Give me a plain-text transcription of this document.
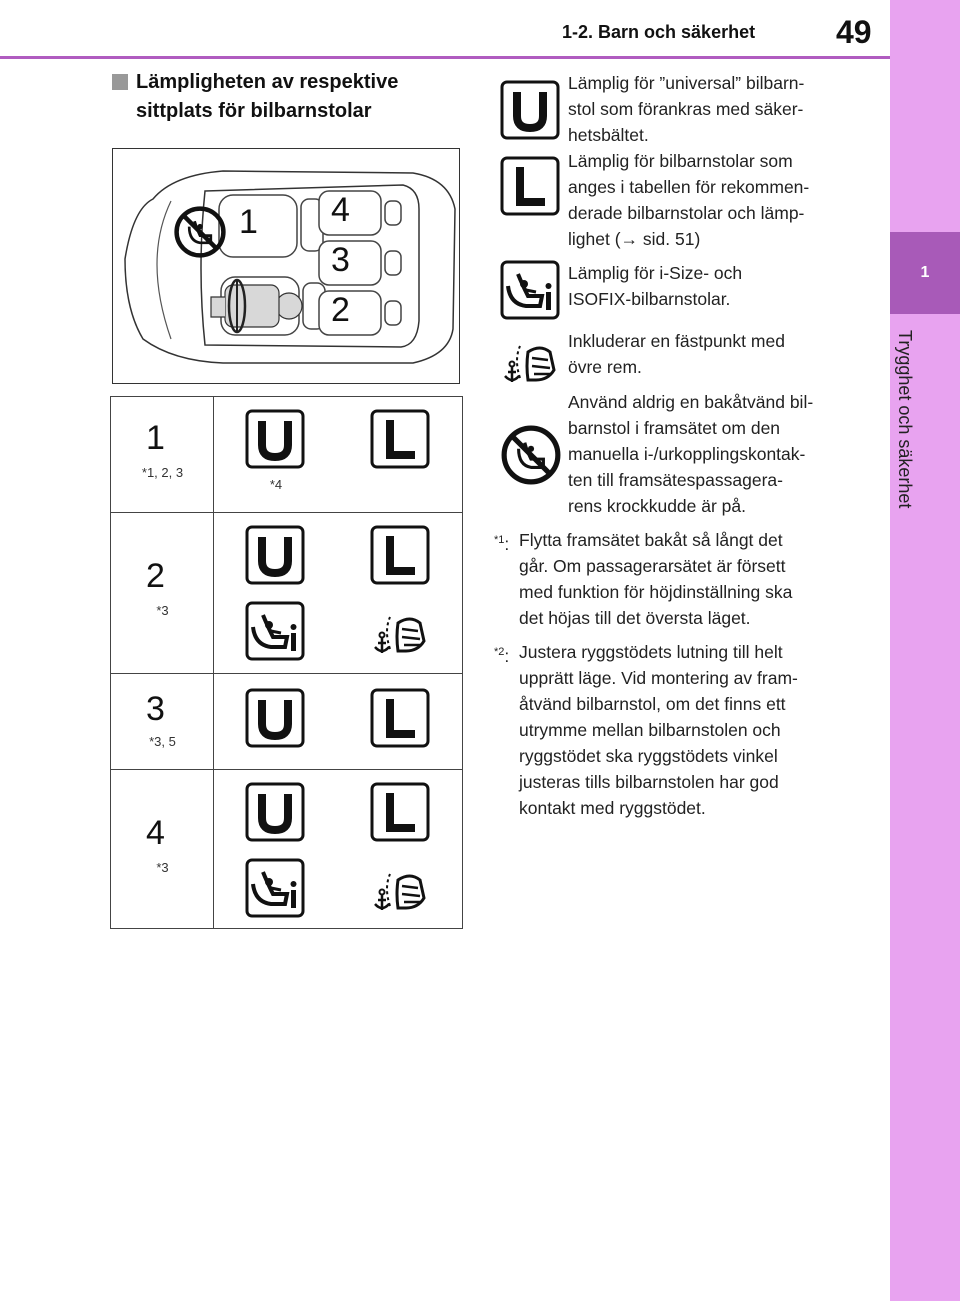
1-2. Barn och säkerhet	49
1
Trygghet och säkerhet
Lämpligheten av respektive
sittplats för bilbarnstolar
1 4
3
2
1
*1, 2, 3
*4
2
*3
3
*3, 5
4
*3
Lämplig för ”universal” bilbarn-
stol som förankras med säker-
hetsbältet.
Lämplig för bilbarnstolar som
anges i tabellen för rekommen-
derade bilbarnstolar och lämp-
lighet (→ sid. 51)
Lämplig för i-Size- och
ISOFIX-bilbarnstolar.
Inkluderar en fästpunkt med
övre rem.
Använd aldrig en bakåtvänd bil-
barnstol i framsätet om den
manuella i-/urkopplingskontak-
ten till framsätespassagera-
rens krockkudde är på.
$^{*1}$: Flytta framsätet bakåt så långt det
går. Om passagerarsätet är försett
med funktion för höjdinställning ska
det höjas till det översta läget.
$^{*2}$: Justera ryggstödets lutning till helt
upprätt läge. Vid montering av fram-
åtvänd bilbarnstol, om det finns ett
utrymme mellan bilbarnstolen och
ryggstödet ska ryggstödets vinkel
justeras tills bilbarnstolen har god
kontakt med ryggstödet.
